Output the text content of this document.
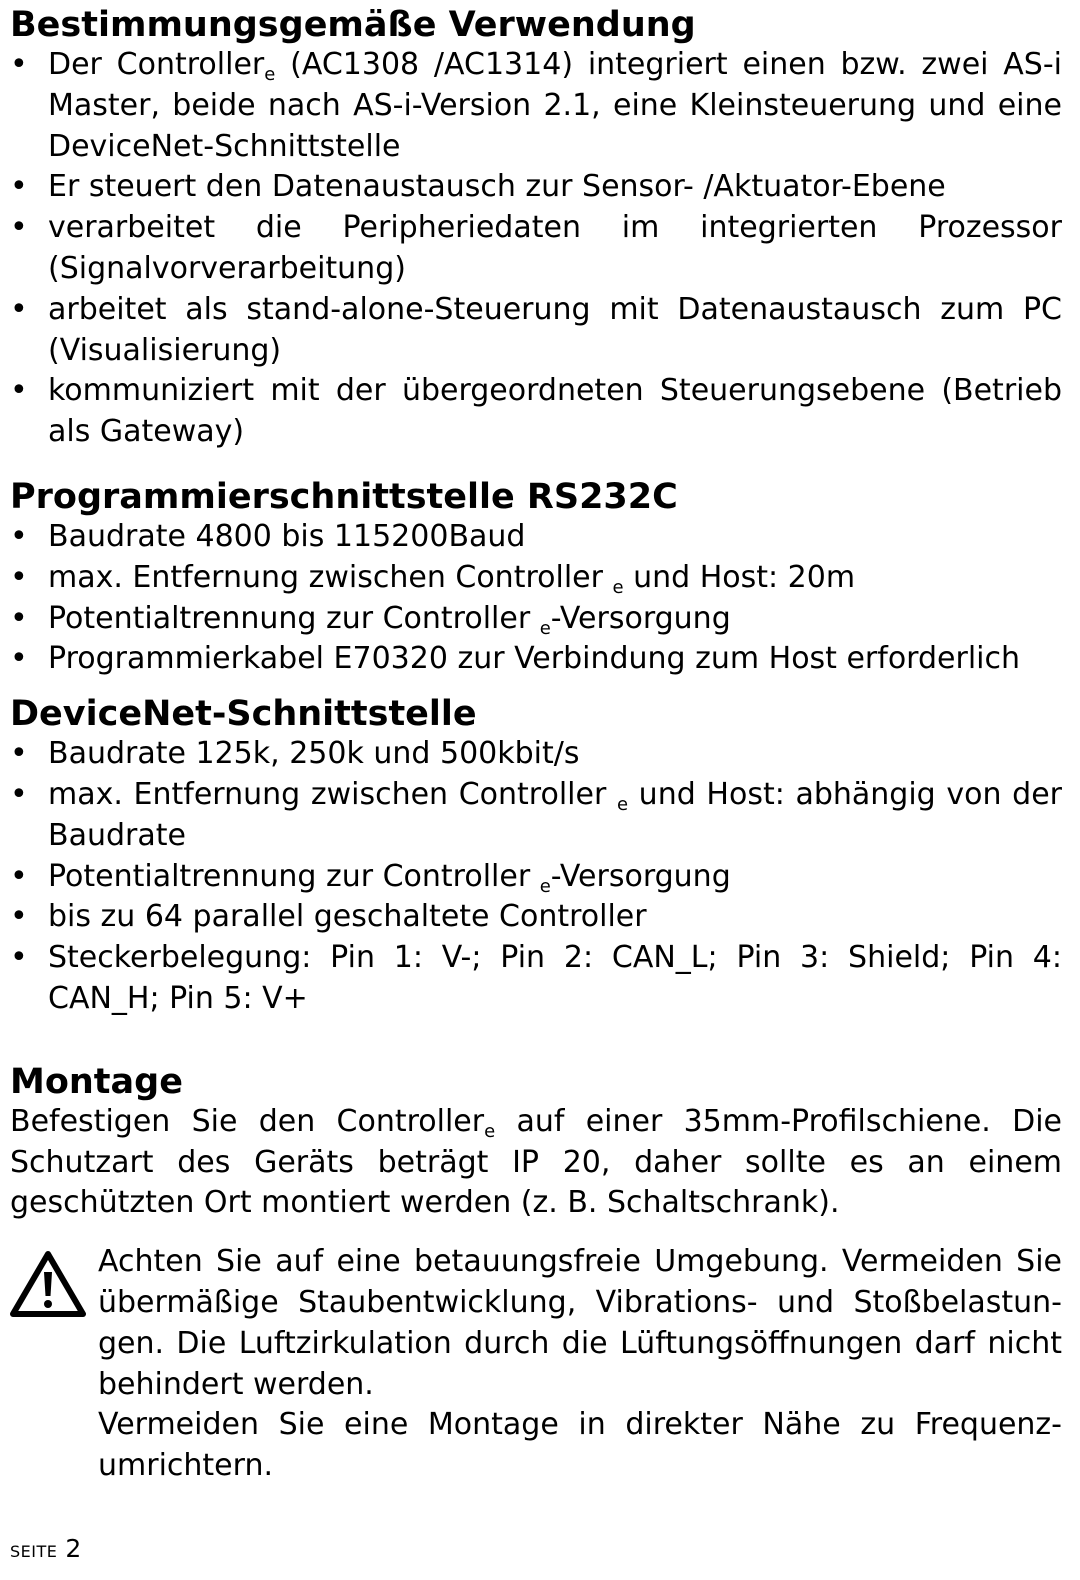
Bestimmungsgemäße Verwendung
• Der Controller$_e$ (AC1308 /AC1314) integriert einen bzw. zwei AS-i Master, beide nach AS-i-Version 2.1, eine Kleinsteuerung und eine DeviceNet-Schnittstelle
• Er steuert den Datenaustausch zur Sensor- /Aktuator-Ebene
• verarbeitet die Peripheriedaten im integrierten Prozessor (Signalvorverarbeitung)
• arbeitet als stand-alone-Steuerung mit Datenaustausch zum PC (Visualisierung)
• kommuniziert mit der übergeordneten Steuerungsebene (Betrieb als Gateway)
Programmierschnittstelle RS232C
• Baudrate 4800 bis 115200Baud
• max. Entfernung zwischen Controller $_e$ und Host: 20m
• Potentialtrennung zur Controller $_e$-Versorgung
• Programmierkabel E70320 zur Verbindung zum Host erforderlich
DeviceNet-Schnittstelle
• Baudrate 125k, 250k und 500kbit/s
• max. Entfernung zwischen Controller $_e$ und Host: abhängig von der Baudrate
• Potentialtrennung zur Controller $_e$-Versorgung
• bis zu 64 parallel geschaltete Controller
• Steckerbelegung: Pin 1: V-; Pin 2: CAN_L; Pin 3: Shield; Pin 4: CAN_H; Pin 5: V+
Montage

Befestigen Sie den Controller$_e$ auf einer 35mm-Profilschiene. Die Schutzart des Geräts beträgt IP 20, daher sollte es an einem geschützten Ort montiert werden (z. B. Schaltschrank).

Achten Sie auf eine betauungsfreie Umgebung. Vermeiden Sie übermäßige Staubentwicklung, Vibrations- und Stoßbelastungen. Die Luftzirkulation durch die Lüftungsöffnungen darf nicht behindert werden.

Vermeiden Sie eine Montage in direkter Nähe zu Frequenzumrichtern.

SEITE 2
